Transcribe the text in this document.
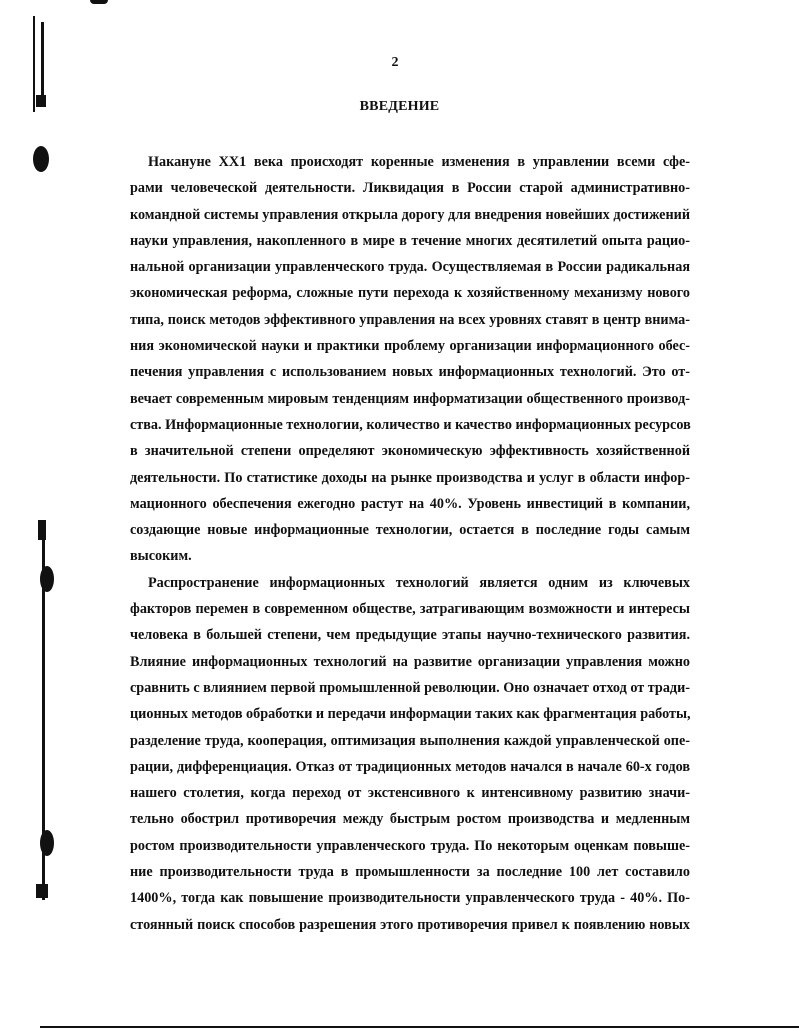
2
ВВЕДЕНИЕ
Накануне XX1 века происходят коренные изменения в управлении всеми сфе-
рами человеческой деятельности. Ликвидация в России старой административно-
командной системы управления открыла дорогу для внедрения новейших достижений
науки управления, накопленного в мире в течение многих десятилетий опыта рацио-
нальной организации управленческого труда. Осуществляемая в России радикальная
экономическая реформа, сложные пути перехода к хозяйственному механизму нового
типа, поиск методов эффективного управления на всех уровнях ставят в центр внима-
ния экономической науки и практики проблему организации информационного обес-
печения управления с использованием новых информационных технологий. Это от-
вечает современным мировым тенденциям информатизации общественного производ-
ства. Информационные технологии, количество и качество информационных ресурсов
в значительной степени определяют экономическую эффективность хозяйственной
деятельности. По статистике доходы на рынке производства и услуг в области инфор-
мационного обеспечения ежегодно растут на 40%. Уровень инвестиций в компании,
создающие новые информационные технологии, остается в последние годы самым
высоким.
Распространение информационных технологий является одним из ключевых
факторов перемен в современном обществе, затрагивающим возможности и интересы
человека в большей степени, чем предыдущие этапы научно-технического развития.
Влияние информационных технологий на развитие организации управления можно
сравнить с влиянием первой промышленной революции. Оно означает отход от тради-
ционных методов обработки и передачи информации таких как фрагментация работы,
разделение труда, кооперация, оптимизация выполнения каждой управленческой опе-
рации, дифференциация. Отказ от традиционных методов начался в начале 60-х годов
нашего столетия, когда переход от экстенсивного к интенсивному развитию значи-
тельно обострил противоречия между быстрым ростом производства и медленным
ростом производительности управленческого труда. По некоторым оценкам повыше-
ние производительности труда в промышленности за последние 100 лет составило
1400%, тогда как повышение производительности управленческого труда - 40%. По-
стоянный поиск способов разрешения этого противоречия привел к появлению новых
